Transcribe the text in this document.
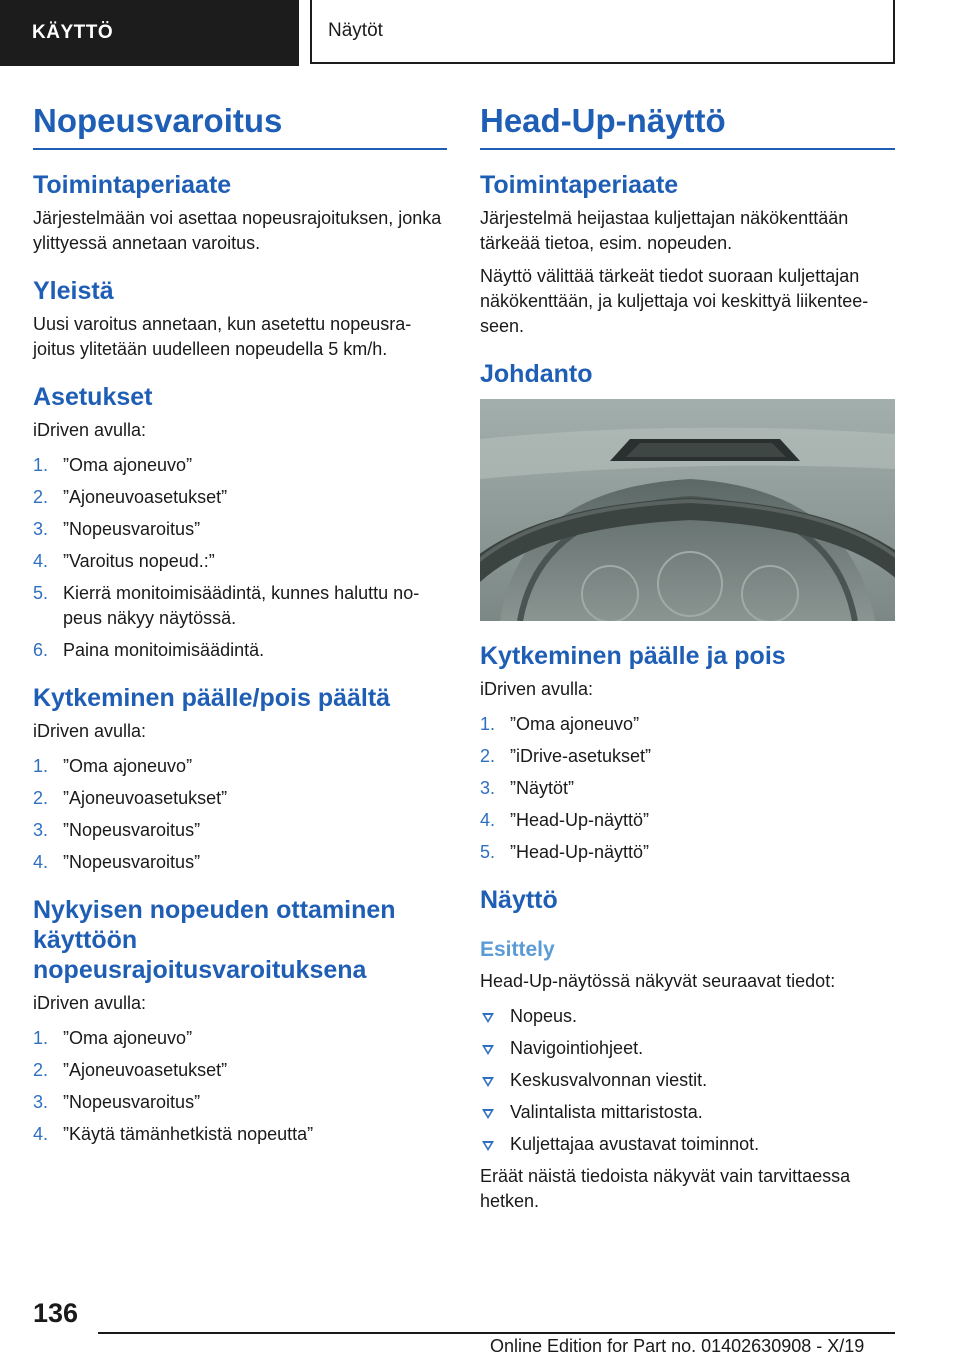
KÄYTTÖ	Näytöt
Nopeusvaroitus
Toimintaperiaate

Järjestelmään voi asettaa nopeusrajoituksen, jonka ylittyessä annetaan varoitus.

Yleistä

Uusi varoitus annetaan, kun asetettu nopeusrajoitus ylitetään uudelleen nopeudella 5 km/h.

Asetukset

iDriven avulla:

1. ”Oma ajoneuvo”
2. ”Ajoneuvoasetukset”
3. ”Nopeusvaroitus”
4. ”Varoitus nopeud.:”
5. Kierrä monitoimisäädintä, kunnes haluttu nopeus näkyy näytössä.
6. Paina monitoimisäädintä.
Kytkeminen päälle/pois päältä

iDriven avulla:

1. ”Oma ajoneuvo”
2. ”Ajoneuvoasetukset”
3. ”Nopeusvaroitus”
4. ”Nopeusvaroitus”
Nykyisen nopeuden ottaminen käyttöön nopeusrajoitusvaroituksena

iDriven avulla:

1. ”Oma ajoneuvo”
2. ”Ajoneuvoasetukset”
3. ”Nopeusvaroitus”
4. ”Käytä tämänhetkistä nopeutta”
Head-Up-näyttö
Toimintaperiaate

Järjestelmä heijastaa kuljettajan näkökenttään tärkeää tietoa, esim. nopeuden.

Näyttö välittää tärkeät tiedot suoraan kuljettajan näkökenttään, ja kuljettaja voi keskittyä liikenteeseen.

Johdanto
Kytkeminen päälle ja pois

iDriven avulla:

1. ”Oma ajoneuvo”
2. ”iDrive-asetukset”
3. ”Näytöt”
4. ”Head-Up-näyttö”
5. ”Head-Up-näyttö”
Näyttö
Esittely

Head-Up-näytössä näkyvät seuraavat tiedot:

Nopeus.
Navigointiohjeet.
Keskusvalvonnan viestit.
Valintalista mittaristosta.
Kuljettajaa avustavat toiminnot.

Eräät näistä tiedoista näkyvät vain tarvittaessa hetken.

136
Online Edition for Part no. 01402630908 - X/19
